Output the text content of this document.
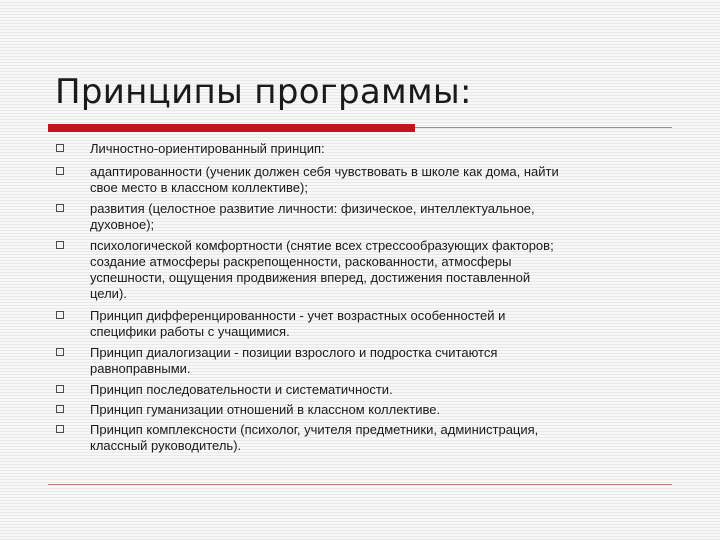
Принципы программы:
Личностно-ориентированный принцип:
адаптированности (ученик должен себя чувствовать в школе как дома, найти
свое место в классном коллективе);
развития (целостное развитие личности: физическое, интеллектуальное,
духовное);
психологической комфортности (снятие всех стрессообразующих факторов;
создание атмосферы раскрепощенности, раскованности, атмосферы
успешности, ощущения продвижения вперед, достижения поставленной
цели).
Принцип дифференцированности - учет возрастных особенностей и
специфики работы с учащимися.
Принцип диалогизации - позиции взрослого и подростка считаются
равноправными.
Принцип последовательности и систематичности.
Принцип гуманизации отношений в классном коллективе.
Принцип комплексности (психолог, учителя предметники, администрация,
классный руководитель).
